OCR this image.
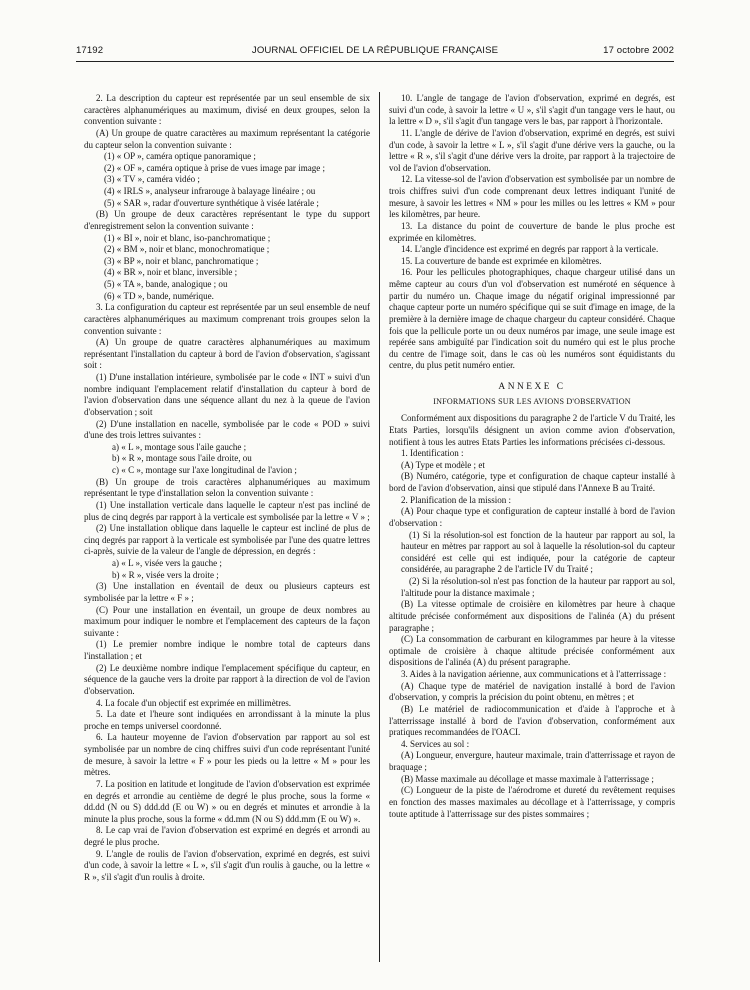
17192	JOURNAL OFFICIEL DE LA RÉPUBLIQUE FRANÇAISE	17 octobre 2002

2. La description du capteur est représentée par un seul ensemble de six caractères alphanumériques au maximum, divisé en deux groupes, selon la convention suivante :

(A) Un groupe de quatre caractères au maximum représentant la catégorie du capteur selon la convention suivante :

(1) « OP », caméra optique panoramique ;

(2) « OF », caméra optique à prise de vues image par image ;

(3) « TV », caméra vidéo ;

(4) « IRLS », analyseur infrarouge à balayage linéaire ; ou

(5) « SAR », radar d'ouverture synthétique à visée latérale ;

(B) Un groupe de deux caractères représentant le type du support d'enregistrement selon la convention suivante :

(1) « BI », noir et blanc, iso-panchromatique ;

(2) « BM », noir et blanc, monochromatique ;

(3) « BP », noir et blanc, panchromatique ;

(4) « BR », noir et blanc, inversible ;

(5) « TA », bande, analogique ; ou

(6) « TD », bande, numérique.

3. La configuration du capteur est représentée par un seul ensemble de neuf caractères alphanumériques au maximum comprenant trois groupes selon la convention suivante :

(A) Un groupe de quatre caractères alphanumériques au maximum représentant l'installation du capteur à bord de l'avion d'observation, s'agissant soit :

(1) D'une installation intérieure, symbolisée par le code « INT » suivi d'un nombre indiquant l'emplacement relatif d'installation du capteur à bord de l'avion d'observation dans une séquence allant du nez à la queue de l'avion d'observation ; soit

(2) D'une installation en nacelle, symbolisée par le code « POD » suivi d'une des trois lettres suivantes :

a) « L », montage sous l'aile gauche ;

b) « R », montage sous l'aile droite, ou

c) « C », montage sur l'axe longitudinal de l'avion ;

(B) Un groupe de trois caractères alphanumériques au maximum représentant le type d'installation selon la convention suivante :

(1) Une installation verticale dans laquelle le capteur n'est pas incliné de plus de cinq degrés par rapport à la verticale est symbolisée par la lettre « V » ;

(2) Une installation oblique dans laquelle le capteur est incliné de plus de cinq degrés par rapport à la verticale est symbolisée par l'une des quatre lettres ci-après, suivie de la valeur de l'angle de dépression, en degrés :

a) « L », visée vers la gauche ;

b) « R », visée vers la droite ;

(3) Une installation en éventail de deux ou plusieurs capteurs est symbolisée par la lettre « F » ;

(C) Pour une installation en éventail, un groupe de deux nombres au maximum pour indiquer le nombre et l'emplacement des capteurs de la façon suivante :

(1) Le premier nombre indique le nombre total de capteurs dans l'installation ; et

(2) Le deuxième nombre indique l'emplacement spécifique du capteur, en séquence de la gauche vers la droite par rapport à la direction de vol de l'avion d'observation.

4. La focale d'un objectif est exprimée en millimètres.

5. La date et l'heure sont indiquées en arrondissant à la minute la plus proche en temps universel coordonné.

6. La hauteur moyenne de l'avion d'observation par rapport au sol est symbolisée par un nombre de cinq chiffres suivi d'un code représentant l'unité de mesure, à savoir la lettre « F » pour les pieds ou la lettre « M » pour les mètres.

7. La position en latitude et longitude de l'avion d'observation est exprimée en degrés et arrondie au centième de degré le plus proche, sous la forme « dd.dd (N ou S) ddd.dd (E ou W) » ou en degrés et minutes et arrondie à la minute la plus proche, sous la forme « dd.mm (N ou S) ddd.mm (E ou W) ».

8. Le cap vrai de l'avion d'observation est exprimé en degrés et arrondi au degré le plus proche.

9. L'angle de roulis de l'avion d'observation, exprimé en degrés, est suivi d'un code, à savoir la lettre « L », s'il s'agit d'un roulis à gauche, ou la lettre « R », s'il s'agit d'un roulis à droite.

10. L'angle de tangage de l'avion d'observation, exprimé en degrés, est suivi d'un code, à savoir la lettre « U », s'il s'agit d'un tangage vers le haut, ou la lettre « D », s'il s'agit d'un tangage vers le bas, par rapport à l'horizontale.

11. L'angle de dérive de l'avion d'observation, exprimé en degrés, est suivi d'un code, à savoir la lettre « L », s'il s'agit d'une dérive vers la gauche, ou la lettre « R », s'il s'agit d'une dérive vers la droite, par rapport à la trajectoire de vol de l'avion d'observation.

12. La vitesse-sol de l'avion d'observation est symbolisée par un nombre de trois chiffres suivi d'un code comprenant deux lettres indiquant l'unité de mesure, à savoir les lettres « NM » pour les milles ou les lettres « KM » pour les kilomètres, par heure.

13. La distance du point de couverture de bande le plus proche est exprimée en kilomètres.

14. L'angle d'incidence est exprimé en degrés par rapport à la verticale.

15. La couverture de bande est exprimée en kilomètres.

16. Pour les pellicules photographiques, chaque chargeur utilisé dans un même capteur au cours d'un vol d'observation est numéroté en séquence à partir du numéro un. Chaque image du négatif original impressionné par chaque capteur porte un numéro spécifique qui se suit d'image en image, de la première à la dernière image de chaque chargeur du capteur considéré. Chaque fois que la pellicule porte un ou deux numéros par image, une seule image est repérée sans ambiguïté par l'indication soit du numéro qui est le plus proche du centre de l'image soit, dans le cas où les numéros sont équidistants du centre, du plus petit numéro entier.

ANNEXE C
INFORMATIONS SUR LES AVIONS D'OBSERVATION

Conformément aux dispositions du paragraphe 2 de l'article V du Traité, les Etats Parties, lorsqu'ils désignent un avion comme avion d'observation, notifient à tous les autres Etats Parties les informations précisées ci-dessous.

1. Identification :

(A) Type et modèle ; et

(B) Numéro, catégorie, type et configuration de chaque capteur installé à bord de l'avion d'observation, ainsi que stipulé dans l'Annexe B au Traité.

2. Planification de la mission :

(A) Pour chaque type et configuration de capteur installé à bord de l'avion d'observation :

(1) Si la résolution-sol est fonction de la hauteur par rapport au sol, la hauteur en mètres par rapport au sol à laquelle la résolution-sol du capteur considéré est celle qui est indiquée, pour la catégorie de capteur considérée, au paragraphe 2 de l'article IV du Traité ;

(2) Si la résolution-sol n'est pas fonction de la hauteur par rapport au sol, l'altitude pour la distance maximale ;

(B) La vitesse optimale de croisière en kilomètres par heure à chaque altitude précisée conformément aux dispositions de l'alinéa (A) du présent paragraphe ;

(C) La consommation de carburant en kilogrammes par heure à la vitesse optimale de croisière à chaque altitude précisée conformément aux dispositions de l'alinéa (A) du présent paragraphe.

3. Aides à la navigation aérienne, aux communications et à l'atterrissage :

(A) Chaque type de matériel de navigation installé à bord de l'avion d'observation, y compris la précision du point obtenu, en mètres ; et

(B) Le matériel de radiocommunication et d'aide à l'approche et à l'atterrissage installé à bord de l'avion d'observation, conformément aux pratiques recommandées de l'OACI.

4. Services au sol :

(A) Longueur, envergure, hauteur maximale, train d'atterrissage et rayon de braquage ;

(B) Masse maximale au décollage et masse maximale à l'atterrissage ;

(C) Longueur de la piste de l'aérodrome et dureté du revêtement requises en fonction des masses maximales au décollage et à l'atterrissage, y compris toute aptitude à l'atterrissage sur des pistes sommaires ;
